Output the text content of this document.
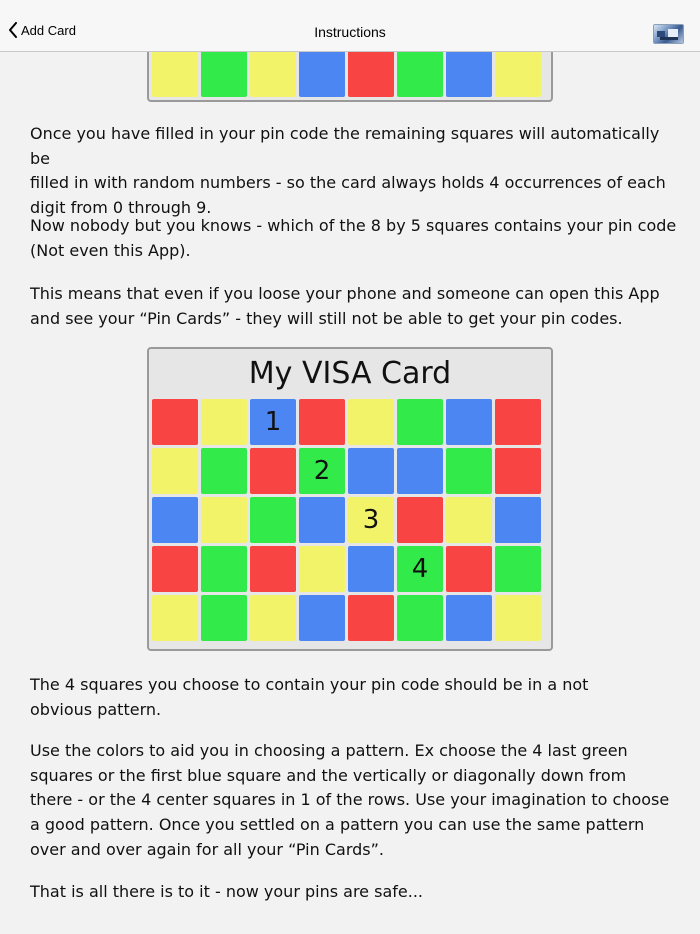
Add Card	Instructions
Once you have filled in your pin code the remaining squares will automatically be
filled in with random numbers - so the card always holds 4 occurrences of each
digit from 0 through 9.
Now nobody but you knows - which of the 8 by 5 squares contains your pin code
(Not even this App).
This means that even if you loose your phone and someone can open this App
and see your “Pin Cards” - they will still not be able to get your pin codes.
My VISA Card
1
2
3
4
The 4 squares you choose to contain your pin code should be in a not
obvious pattern.
Use the colors to aid you in choosing a pattern. Ex choose the 4 last green
squares or the first blue square and the vertically or diagonally down from
there - or the 4 center squares in 1 of the rows. Use your imagination to choose
a good pattern. Once you settled on a pattern you can use the same pattern
over and over again for all your “Pin Cards”.
That is all there is to it - now your pins are safe...
